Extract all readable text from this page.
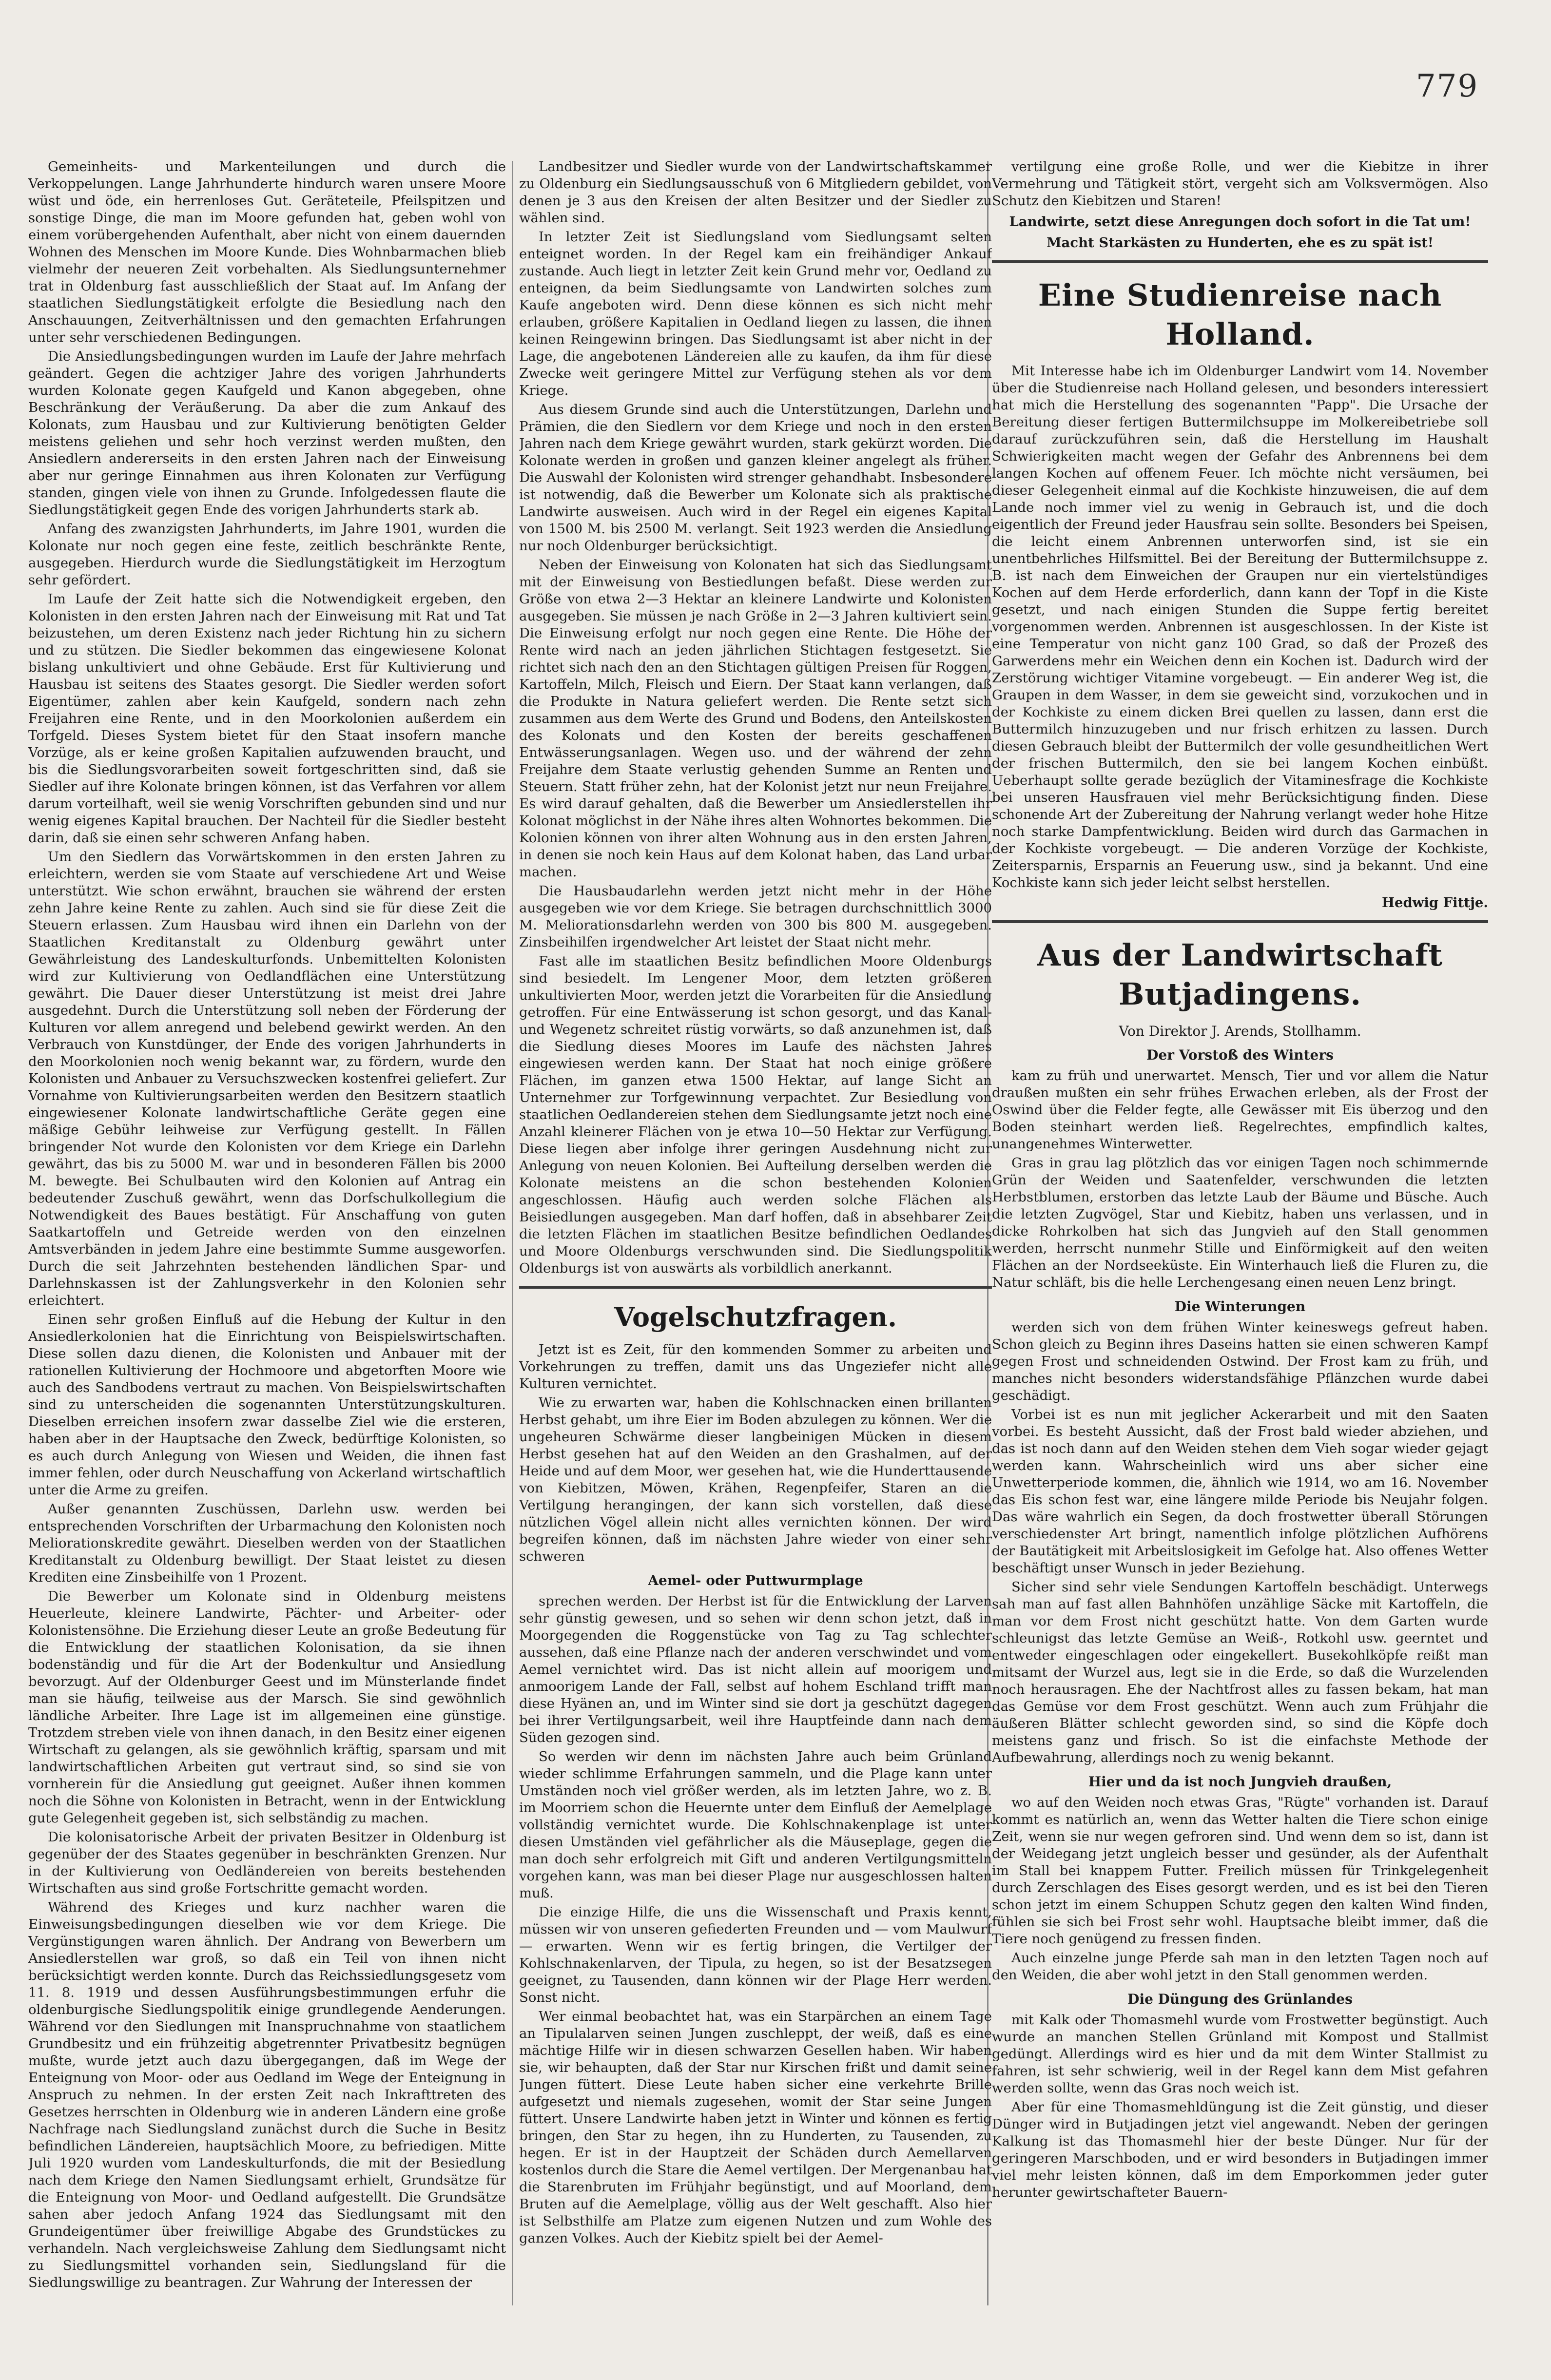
779

Gemeinheits- und Markenteilungen und durch die Verkoppelungen. Lange Jahrhunderte hindurch waren unsere Moore wüst und öde, ein herrenloses Gut. Geräteteile, Pfeilspitzen und sonstige Dinge, die man im Moore gefunden hat, geben wohl von einem vorübergehenden Aufenthalt, aber nicht von einem dauernden Wohnen des Menschen im Moore Kunde. Dies Wohnbarmachen blieb vielmehr der neueren Zeit vorbehalten. Als Siedlungsunternehmer trat in Oldenburg fast ausschließlich der Staat auf. Im Anfang der staatlichen Siedlungstätigkeit erfolgte die Besiedlung nach den Anschauungen, Zeitverhältnissen und den gemachten Erfahrungen unter sehr verschiedenen Bedingungen.

Die Ansiedlungsbedingungen wurden im Laufe der Jahre mehrfach geändert. Gegen die achtziger Jahre des vorigen Jahrhunderts wurden Kolonate gegen Kaufgeld und Kanon abgegeben, ohne Beschränkung der Veräußerung. Da aber die zum Ankauf des Kolonats, zum Hausbau und zur Kultivierung benötigten Gelder meistens geliehen und sehr hoch verzinst werden mußten, den Ansiedlern andererseits in den ersten Jahren nach der Einweisung aber nur geringe Einnahmen aus ihren Kolonaten zur Verfügung standen, gingen viele von ihnen zu Grunde. Infolgedessen flaute die Siedlungstätigkeit gegen Ende des vorigen Jahrhunderts stark ab.

Anfang des zwanzigsten Jahrhunderts, im Jahre 1901, wurden die Kolonate nur noch gegen eine feste, zeitlich beschränkte Rente, ausgegeben. Hierdurch wurde die Siedlungstätigkeit im Herzogtum sehr gefördert.

Im Laufe der Zeit hatte sich die Notwendigkeit ergeben, den Kolonisten in den ersten Jahren nach der Einweisung mit Rat und Tat beizustehen, um deren Existenz nach jeder Richtung hin zu sichern und zu stützen. Die Siedler bekommen das eingewiesene Kolonat bislang unkultiviert und ohne Gebäude. Erst für Kultivierung und Hausbau ist seitens des Staates gesorgt. Die Siedler werden sofort Eigentümer, zahlen aber kein Kaufgeld, sondern nach zehn Freijahren eine Rente, und in den Moorkolonien außerdem ein Torfgeld. Dieses System bietet für den Staat insofern manche Vorzüge, als er keine großen Kapitalien aufzuwenden braucht, und bis die Siedlungsvorarbeiten soweit fortgeschritten sind, daß sie Siedler auf ihre Kolonate bringen können, ist das Verfahren vor allem darum vorteilhaft, weil sie wenig Vorschriften gebunden sind und nur wenig eigenes Kapital brauchen. Der Nachteil für die Siedler besteht darin, daß sie einen sehr schweren Anfang haben.

Um den Siedlern das Vorwärtskommen in den ersten Jahren zu erleichtern, werden sie vom Staate auf verschiedene Art und Weise unterstützt. Wie schon erwähnt, brauchen sie während der ersten zehn Jahre keine Rente zu zahlen. Auch sind sie für diese Zeit die Steuern erlassen. Zum Hausbau wird ihnen ein Darlehn von der Staatlichen Kreditanstalt zu Oldenburg gewährt unter Gewährleistung des Landeskulturfonds. Unbemittelten Kolonisten wird zur Kultivierung von Oedlandflächen eine Unterstützung gewährt. Die Dauer dieser Unterstützung ist meist drei Jahre ausgedehnt. Durch die Unterstützung soll neben der Förderung der Kulturen vor allem anregend und belebend gewirkt werden. An den Verbrauch von Kunstdünger, der Ende des vorigen Jahrhunderts in den Moorkolonien noch wenig bekannt war, zu fördern, wurde den Kolonisten und Anbauer zu Versuchszwecken kostenfrei geliefert. Zur Vornahme von Kultivierungsarbeiten werden den Besitzern staatlich eingewiesener Kolonate landwirtschaftliche Geräte gegen eine mäßige Gebühr leihweise zur Verfügung gestellt. In Fällen bringender Not wurde den Kolonisten vor dem Kriege ein Darlehn gewährt, das bis zu 5000 M. war und in besonderen Fällen bis 2000 M. bewegte. Bei Schulbauten wird den Kolonien auf Antrag ein bedeutender Zuschuß gewährt, wenn das Dorfschulkollegium die Notwendigkeit des Baues bestätigt. Für Anschaffung von guten Saatkartoffeln und Getreide werden von den einzelnen Amtsverbänden in jedem Jahre eine bestimmte Summe ausgeworfen. Durch die seit Jahrzehnten bestehenden ländlichen Spar- und Darlehnskassen ist der Zahlungsverkehr in den Kolonien sehr erleichtert.

Einen sehr großen Einfluß auf die Hebung der Kultur in den Ansiedlerkolonien hat die Einrichtung von Beispielswirtschaften. Diese sollen dazu dienen, die Kolonisten und Anbauer mit der rationellen Kultivierung der Hochmoore und abgetorften Moore wie auch des Sandbodens vertraut zu machen. Von Beispielswirtschaften sind zu unterscheiden die sogenannten Unterstützungskulturen. Dieselben erreichen insofern zwar dasselbe Ziel wie die ersteren, haben aber in der Hauptsache den Zweck, bedürftige Kolonisten, so es auch durch Anlegung von Wiesen und Weiden, die ihnen fast immer fehlen, oder durch Neuschaffung von Ackerland wirtschaftlich unter die Arme zu greifen.

Außer genannten Zuschüssen, Darlehn usw. werden bei entsprechenden Vorschriften der Urbarmachung den Kolonisten noch Meliorationskredite gewährt. Dieselben werden von der Staatlichen Kreditanstalt zu Oldenburg bewilligt. Der Staat leistet zu diesen Krediten eine Zinsbeihilfe von 1 Prozent.

Die Bewerber um Kolonate sind in Oldenburg meistens Heuerleute, kleinere Landwirte, Pächter- und Arbeiter- oder Kolonistensöhne. Die Erziehung dieser Leute an große Bedeutung für die Entwicklung der staatlichen Kolonisation, da sie ihnen bodenständig und für die Art der Bodenkultur und Ansiedlung bevorzugt. Auf der Oldenburger Geest und im Münsterlande findet man sie häufig, teilweise aus der Marsch. Sie sind gewöhnlich ländliche Arbeiter. Ihre Lage ist im allgemeinen eine günstige. Trotzdem streben viele von ihnen danach, in den Besitz einer eigenen Wirtschaft zu gelangen, als sie gewöhnlich kräftig, sparsam und mit landwirtschaftlichen Arbeiten gut vertraut sind, so sind sie von vornherein für die Ansiedlung gut geeignet. Außer ihnen kommen noch die Söhne von Kolonisten in Betracht, wenn in der Entwicklung gute Gelegenheit gegeben ist, sich selbständig zu machen.

Die kolonisatorische Arbeit der privaten Besitzer in Oldenburg ist gegenüber der des Staates gegenüber in beschränkten Grenzen. Nur in der Kultivierung von Oedländereien von bereits bestehenden Wirtschaften aus sind große Fortschritte gemacht worden.

Während des Krieges und kurz nachher waren die Einweisungsbedingungen dieselben wie vor dem Kriege. Die Vergünstigungen waren ähnlich. Der Andrang von Bewerbern um Ansiedlerstellen war groß, so daß ein Teil von ihnen nicht berücksichtigt werden konnte. Durch das Reichssiedlungsgesetz vom 11. 8. 1919 und dessen Ausführungsbestimmungen erfuhr die oldenburgische Siedlungspolitik einige grundlegende Aenderungen. Während vor den Siedlungen mit Inanspruchnahme von staatlichem Grundbesitz und ein frühzeitig abgetrennter Privatbesitz begnügen mußte, wurde jetzt auch dazu übergegangen, daß im Wege der Enteignung von Moor- oder aus Oedland im Wege der Enteignung in Anspruch zu nehmen. In der ersten Zeit nach Inkrafttreten des Gesetzes herrschten in Oldenburg wie in anderen Ländern eine große Nachfrage nach Siedlungsland zunächst durch die Suche in Besitz befindlichen Ländereien, hauptsächlich Moore, zu befriedigen. Mitte Juli 1920 wurden vom Landeskulturfonds, die mit der Besiedlung nach dem Kriege den Namen Siedlungsamt erhielt, Grundsätze für die Enteignung von Moor- und Oedland aufgestellt. Die Grundsätze sahen aber jedoch Anfang 1924 das Siedlungsamt mit den Grundeigentümer über freiwillige Abgabe des Grundstückes zu verhandeln. Nach vergleichsweise Zahlung dem Siedlungsamt nicht zu Siedlungsmittel vorhanden sein, Siedlungsland für die Siedlungswillige zu beantragen. Zur Wahrung der Interessen der

Landbesitzer und Siedler wurde von der Landwirtschaftskammer zu Oldenburg ein Siedlungsausschuß von 6 Mitgliedern gebildet, von denen je 3 aus den Kreisen der alten Besitzer und der Siedler zu wählen sind.

In letzter Zeit ist Siedlungsland vom Siedlungsamt selten enteignet worden. In der Regel kam ein freihändiger Ankauf zustande. Auch liegt in letzter Zeit kein Grund mehr vor, Oedland zu enteignen, da beim Siedlungsamte von Landwirten solches zum Kaufe angeboten wird. Denn diese können es sich nicht mehr erlauben, größere Kapitalien in Oedland liegen zu lassen, die ihnen keinen Reingewinn bringen. Das Siedlungsamt ist aber nicht in der Lage, die angebotenen Ländereien alle zu kaufen, da ihm für diese Zwecke weit geringere Mittel zur Verfügung stehen als vor dem Kriege.

Aus diesem Grunde sind auch die Unterstützungen, Darlehn und Prämien, die den Siedlern vor dem Kriege und noch in den ersten Jahren nach dem Kriege gewährt wurden, stark gekürzt worden. Die Kolonate werden in großen und ganzen kleiner angelegt als früher. Die Auswahl der Kolonisten wird strenger gehandhabt. Insbesondere ist notwendig, daß die Bewerber um Kolonate sich als praktische Landwirte ausweisen. Auch wird in der Regel ein eigenes Kapital von 1500 M. bis 2500 M. verlangt. Seit 1923 werden die Ansiedlung nur noch Oldenburger berücksichtigt.

Neben der Einweisung von Kolonaten hat sich das Siedlungsamt mit der Einweisung von Bestiedlungen befaßt. Diese werden zur Größe von etwa 2—3 Hektar an kleinere Landwirte und Kolonisten ausgegeben. Sie müssen je nach Größe in 2—3 Jahren kultiviert sein. Die Einweisung erfolgt nur noch gegen eine Rente. Die Höhe der Rente wird nach an jeden jährlichen Stichtagen festgesetzt. Sie richtet sich nach den an den Stichtagen gültigen Preisen für Roggen, Kartoffeln, Milch, Fleisch und Eiern. Der Staat kann verlangen, daß die Produkte in Natura geliefert werden. Die Rente setzt sich zusammen aus dem Werte des Grund und Bodens, den Anteilskosten des Kolonats und den Kosten der bereits geschaffenen Entwässerungsanlagen. Wegen uso. und der während der zehn Freijahre dem Staate verlustig gehenden Summe an Renten und Steuern. Statt früher zehn, hat der Kolonist jetzt nur neun Freijahre. Es wird darauf gehalten, daß die Bewerber um Ansiedlerstellen ihr Kolonat möglichst in der Nähe ihres alten Wohnortes bekommen. Die Kolonien können von ihrer alten Wohnung aus in den ersten Jahren, in denen sie noch kein Haus auf dem Kolonat haben, das Land urbar machen.

Die Hausbaudarlehn werden jetzt nicht mehr in der Höhe ausgegeben wie vor dem Kriege. Sie betragen durchschnittlich 3000 M. Meliorationsdarlehn werden von 300 bis 800 M. ausgegeben. Zinsbeihilfen irgendwelcher Art leistet der Staat nicht mehr.

Fast alle im staatlichen Besitz befindlichen Moore Oldenburgs sind besiedelt. Im Lengener Moor, dem letzten größeren unkultivierten Moor, werden jetzt die Vorarbeiten für die Ansiedlung getroffen. Für eine Entwässerung ist schon gesorgt, und das Kanal- und Wegenetz schreitet rüstig vorwärts, so daß anzunehmen ist, daß die Siedlung dieses Moores im Laufe des nächsten Jahres eingewiesen werden kann. Der Staat hat noch einige größere Flächen, im ganzen etwa 1500 Hektar, auf lange Sicht an Unternehmer zur Torfgewinnung verpachtet. Zur Besiedlung von staatlichen Oedlandereien stehen dem Siedlungsamte jetzt noch eine Anzahl kleinerer Flächen von je etwa 10—50 Hektar zur Verfügung. Diese liegen aber infolge ihrer geringen Ausdehnung nicht zur Anlegung von neuen Kolonien. Bei Aufteilung derselben werden die Kolonate meistens an die schon bestehenden Kolonien angeschlossen. Häufig auch werden solche Flächen als Beisiedlungen ausgegeben. Man darf hoffen, daß in absehbarer Zeit die letzten Flächen im staatlichen Besitze befindlichen Oedlandes und Moore Oldenburgs verschwunden sind. Die Siedlungspolitik Oldenburgs ist von auswärts als vorbildlich anerkannt.

Vogelschutzfragen.

Jetzt ist es Zeit, für den kommenden Sommer zu arbeiten und Vorkehrungen zu treffen, damit uns das Ungeziefer nicht alle Kulturen vernichtet.

Wie zu erwarten war, haben die Kohlschnacken einen brillanten Herbst gehabt, um ihre Eier im Boden abzulegen zu können. Wer die ungeheuren Schwärme dieser langbeinigen Mücken in diesem Herbst gesehen hat auf den Weiden an den Grashalmen, auf der Heide und auf dem Moor, wer gesehen hat, wie die Hunderttausende von Kiebitzen, Möwen, Krähen, Regenpfeifer, Staren an die Vertilgung herangingen, der kann sich vorstellen, daß diese nützlichen Vögel allein nicht alles vernichten können. Der wird begreifen können, daß im nächsten Jahre wieder von einer sehr schweren

Aemel- oder Puttwurmplage

sprechen werden. Der Herbst ist für die Entwicklung der Larven sehr günstig gewesen, und so sehen wir denn schon jetzt, daß in Moorgegenden die Roggenstücke von Tag zu Tag schlechter aussehen, daß eine Pflanze nach der anderen verschwindet und vom Aemel vernichtet wird. Das ist nicht allein auf moorigem und anmoorigem Lande der Fall, selbst auf hohem Eschland trifft man diese Hyänen an, und im Winter sind sie dort ja geschützt dagegen bei ihrer Vertilgungsarbeit, weil ihre Hauptfeinde dann nach dem Süden gezogen sind.

So werden wir denn im nächsten Jahre auch beim Grünland wieder schlimme Erfahrungen sammeln, und die Plage kann unter Umständen noch viel größer werden, als im letzten Jahre, wo z. B. im Moorriem schon die Heuernte unter dem Einfluß der Aemelplage vollständig vernichtet wurde. Die Kohlschnakenplage ist unter diesen Umständen viel gefährlicher als die Mäuseplage, gegen die man doch sehr erfolgreich mit Gift und anderen Vertilgungsmitteln vorgehen kann, was man bei dieser Plage nur ausgeschlossen halten muß.

Die einzige Hilfe, die uns die Wissenschaft und Praxis kennt, müssen wir von unseren gefiederten Freunden und — vom Maulwurf — erwarten. Wenn wir es fertig bringen, die Vertilger der Kohlschnakenlarven, der Tipula, zu hegen, so ist der Besatzsegen geeignet, zu Tausenden, dann können wir der Plage Herr werden. Sonst nicht.

Wer einmal beobachtet hat, was ein Starpärchen an einem Tage an Tipulalarven seinen Jungen zuschleppt, der weiß, daß es eine mächtige Hilfe wir in diesen schwarzen Gesellen haben. Wir haben sie, wir behaupten, daß der Star nur Kirschen frißt und damit seine Jungen füttert. Diese Leute haben sicher eine verkehrte Brille aufgesetzt und niemals zugesehen, womit der Star seine Jungen füttert. Unsere Landwirte haben jetzt in Winter und können es fertig bringen, den Star zu hegen, ihn zu Hunderten, zu Tausenden, zu hegen. Er ist in der Hauptzeit der Schäden durch Aemellarven kostenlos durch die Stare die Aemel vertilgen. Der Mergenanbau hat die Starenbruten im Frühjahr begünstigt, und auf Moorland, dem Bruten auf die Aemelplage, völlig aus der Welt geschafft. Also hier ist Selbsthilfe am Platze zum eigenen Nutzen und zum Wohle des ganzen Volkes. Auch der Kiebitz spielt bei der Aemel-

vertilgung eine große Rolle, und wer die Kiebitze in ihrer Vermehrung und Tätigkeit stört, vergeht sich am Volksvermögen. Also Schutz den Kiebitzen und Staren!

Landwirte, setzt diese Anregungen doch sofort in die Tat um!
Macht Starkästen zu Hunderten, ehe es zu spät ist!
Eine Studienreise nach Holland.

Mit Interesse habe ich im Oldenburger Landwirt vom 14. November über die Studienreise nach Holland gelesen, und besonders interessiert hat mich die Herstellung des sogenannten "Papp". Die Ursache der Bereitung dieser fertigen Buttermilchsuppe im Molkereibetriebe soll darauf zurückzuführen sein, daß die Herstellung im Haushalt Schwierigkeiten macht wegen der Gefahr des Anbrennens bei dem langen Kochen auf offenem Feuer. Ich möchte nicht versäumen, bei dieser Gelegenheit einmal auf die Kochkiste hinzuweisen, die auf dem Lande noch immer viel zu wenig in Gebrauch ist, und die doch eigentlich der Freund jeder Hausfrau sein sollte. Besonders bei Speisen, die leicht einem Anbrennen unterworfen sind, ist sie ein unentbehrliches Hilfsmittel. Bei der Bereitung der Buttermilchsuppe z. B. ist nach dem Einweichen der Graupen nur ein viertelstündiges Kochen auf dem Herde erforderlich, dann kann der Topf in die Kiste gesetzt, und nach einigen Stunden die Suppe fertig bereitet vorgenommen werden. Anbrennen ist ausgeschlossen. In der Kiste ist eine Temperatur von nicht ganz 100 Grad, so daß der Prozeß des Garwerdens mehr ein Weichen denn ein Kochen ist. Dadurch wird der Zerstörung wichtiger Vitamine vorgebeugt. — Ein anderer Weg ist, die Graupen in dem Wasser, in dem sie geweicht sind, vorzukochen und in der Kochkiste zu einem dicken Brei quellen zu lassen, dann erst die Buttermilch hinzuzugeben und nur frisch erhitzen zu lassen. Durch diesen Gebrauch bleibt der Buttermilch der volle gesundheitlichen Wert der frischen Buttermilch, den sie bei langem Kochen einbüßt. Ueberhaupt sollte gerade bezüglich der Vitaminesfrage die Kochkiste bei unseren Hausfrauen viel mehr Berücksichtigung finden. Diese schonende Art der Zubereitung der Nahrung verlangt weder hohe Hitze noch starke Dampfentwicklung. Beiden wird durch das Garmachen in der Kochkiste vorgebeugt. — Die anderen Vorzüge der Kochkiste, Zeitersparnis, Ersparnis an Feuerung usw., sind ja bekannt. Und eine Kochkiste kann sich jeder leicht selbst herstellen.

Hedwig Fittje.
Aus der Landwirtschaft Butjadingens.
Von Direktor J. Arends, Stollhamm.
Der Vorstoß des Winters

kam zu früh und unerwartet. Mensch, Tier und vor allem die Natur draußen mußten ein sehr frühes Erwachen erleben, als der Frost der Oswind über die Felder fegte, alle Gewässer mit Eis überzog und den Boden steinhart werden ließ. Regelrechtes, empfindlich kaltes, unangenehmes Winterwetter.

Gras in grau lag plötzlich das vor einigen Tagen noch schimmernde Grün der Weiden und Saatenfelder, verschwunden die letzten Herbstblumen, erstorben das letzte Laub der Bäume und Büsche. Auch die letzten Zugvögel, Star und Kiebitz, haben uns verlassen, und in dicke Rohrkolben hat sich das Jungvieh auf den Stall genommen werden, herrscht nunmehr Stille und Einförmigkeit auf den weiten Flächen an der Nordseeküste. Ein Winterhauch ließ die Fluren zu, die Natur schläft, bis die helle Lerchengesang einen neuen Lenz bringt.

Die Winterungen

werden sich von dem frühen Winter keineswegs gefreut haben. Schon gleich zu Beginn ihres Daseins hatten sie einen schweren Kampf gegen Frost und schneidenden Ostwind. Der Frost kam zu früh, und manches nicht besonders widerstandsfähige Pflänzchen wurde dabei geschädigt.

Vorbei ist es nun mit jeglicher Ackerarbeit und mit den Saaten vorbei. Es besteht Aussicht, daß der Frost bald wieder abziehen, und das ist noch dann auf den Weiden stehen dem Vieh sogar wieder gejagt werden kann. Wahrscheinlich wird uns aber sicher eine Unwetterperiode kommen, die, ähnlich wie 1914, wo am 16. November das Eis schon fest war, eine längere milde Periode bis Neujahr folgen. Das wäre wahrlich ein Segen, da doch frostwetter überall Störungen verschiedenster Art bringt, namentlich infolge plötzlichen Aufhörens der Bautätigkeit mit Arbeitslosigkeit im Gefolge hat. Also offenes Wetter beschäftigt unser Wunsch in jeder Beziehung.

Sicher sind sehr viele Sendungen Kartoffeln beschädigt. Unterwegs sah man auf fast allen Bahnhöfen unzählige Säcke mit Kartoffeln, die man vor dem Frost nicht geschützt hatte. Von dem Garten wurde schleunigst das letzte Gemüse an Weiß-, Rotkohl usw. geerntet und entweder eingeschlagen oder eingekellert. Busekohlköpfe reißt man mitsamt der Wurzel aus, legt sie in die Erde, so daß die Wurzelenden noch herausragen. Ehe der Nachtfrost alles zu fassen bekam, hat man das Gemüse vor dem Frost geschützt. Wenn auch zum Frühjahr die äußeren Blätter schlecht geworden sind, so sind die Köpfe doch meistens ganz und frisch. So ist die einfachste Methode der Aufbewahrung, allerdings noch zu wenig bekannt.

Hier und da ist noch Jungvieh draußen,

wo auf den Weiden noch etwas Gras, "Rügte" vorhanden ist. Darauf kommt es natürlich an, wenn das Wetter halten die Tiere schon einige Zeit, wenn sie nur wegen gefroren sind. Und wenn dem so ist, dann ist der Weidegang jetzt ungleich besser und gesünder, als der Aufenthalt im Stall bei knappem Futter. Freilich müssen für Trinkgelegenheit durch Zerschlagen des Eises gesorgt werden, und es ist bei den Tieren schon jetzt im einem Schuppen Schutz gegen den kalten Wind finden, fühlen sie sich bei Frost sehr wohl. Hauptsache bleibt immer, daß die Tiere noch genügend zu fressen finden.

Auch einzelne junge Pferde sah man in den letzten Tagen noch auf den Weiden, die aber wohl jetzt in den Stall genommen werden.

Die Düngung des Grünlandes

mit Kalk oder Thomasmehl wurde vom Frostwetter begünstigt. Auch wurde an manchen Stellen Grünland mit Kompost und Stallmist gedüngt. Allerdings wird es hier und da mit dem Winter Stallmist zu fahren, ist sehr schwierig, weil in der Regel kann dem Mist gefahren werden sollte, wenn das Gras noch weich ist.

Aber für eine Thomasmehldüngung ist die Zeit günstig, und dieser Dünger wird in Butjadingen jetzt viel angewandt. Neben der geringen Kalkung ist das Thomasmehl hier der beste Dünger. Nur für der geringeren Marschboden, und er wird besonders in Butjadingen immer viel mehr leisten können, daß im dem Emporkommen jeder guter herunter gewirtschafteter Bauern-
